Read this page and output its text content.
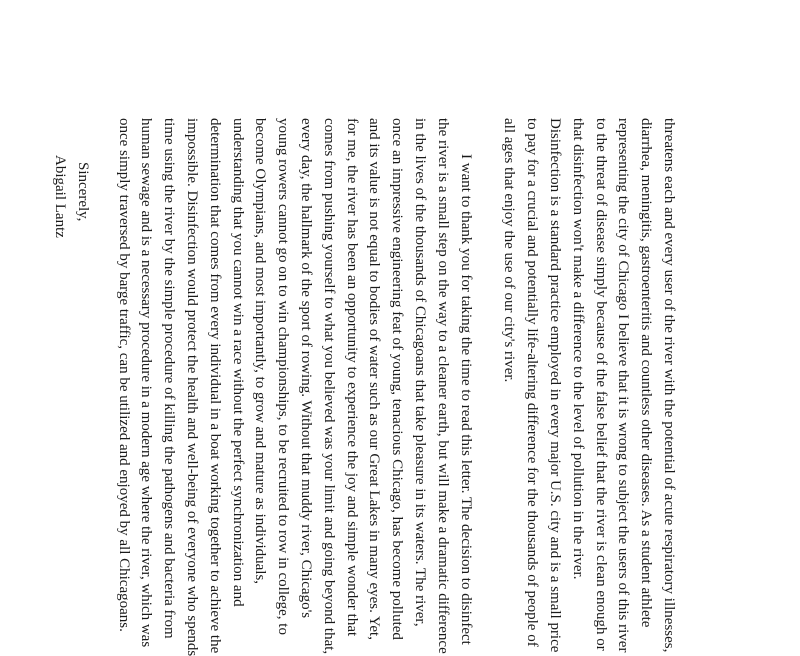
threatens each and every user of the river with the potential of acute respiratory illnesses,
diarrhea, meningitis, gastroenteritis and countless other diseases. As a student athlete
representing the city of Chicago I believe that it is wrong to subject the users of this river
to the threat of disease simply because of the false belief that the river is clean enough or
that disinfection won't make a difference to the level of pollution in the river.
Disinfection is a standard practice employed in every major U.S. city and is a small price
to pay for a crucial and potentially life-altering difference for the thousands of people of
all ages that enjoy the use of our city's river.
I want to thank you for taking the time to read this letter. The decision to disinfect
the river is a small step on the way to a cleaner earth, but will make a dramatic difference
in the lives of the thousands of Chicagoans that take pleasure in its waters. The river,
once an impressive engineering feat of young, tenacious Chicago, has become polluted
and its value is not equal to bodies of water such as our Great Lakes in many eyes. Yet,
for me, the river has been an opportunity to experience the joy and simple wonder that
comes from pushing yourself to what you believed was your limit and going beyond that,
every day, the hallmark of the sport of rowing. Without that muddy river, Chicago's
young rowers cannot go on to win championships, to be recruited to row in college, to
become Olympians, and most importantly, to grow and mature as individuals,
understanding that you cannot win a race without the perfect synchronization and
determination that comes from every individual in a boat working together to achieve the
impossible. Disinfection would protect the health and well-being of everyone who spends
time using the river by the simple procedure of killing the pathogens and bacteria from
human sewage and is a necessary procedure in a modern age where the river, which was
once simply traversed by barge traffic, can be utilized and enjoyed by all Chicagoans.
Sincerely,
Abigail Lantz
